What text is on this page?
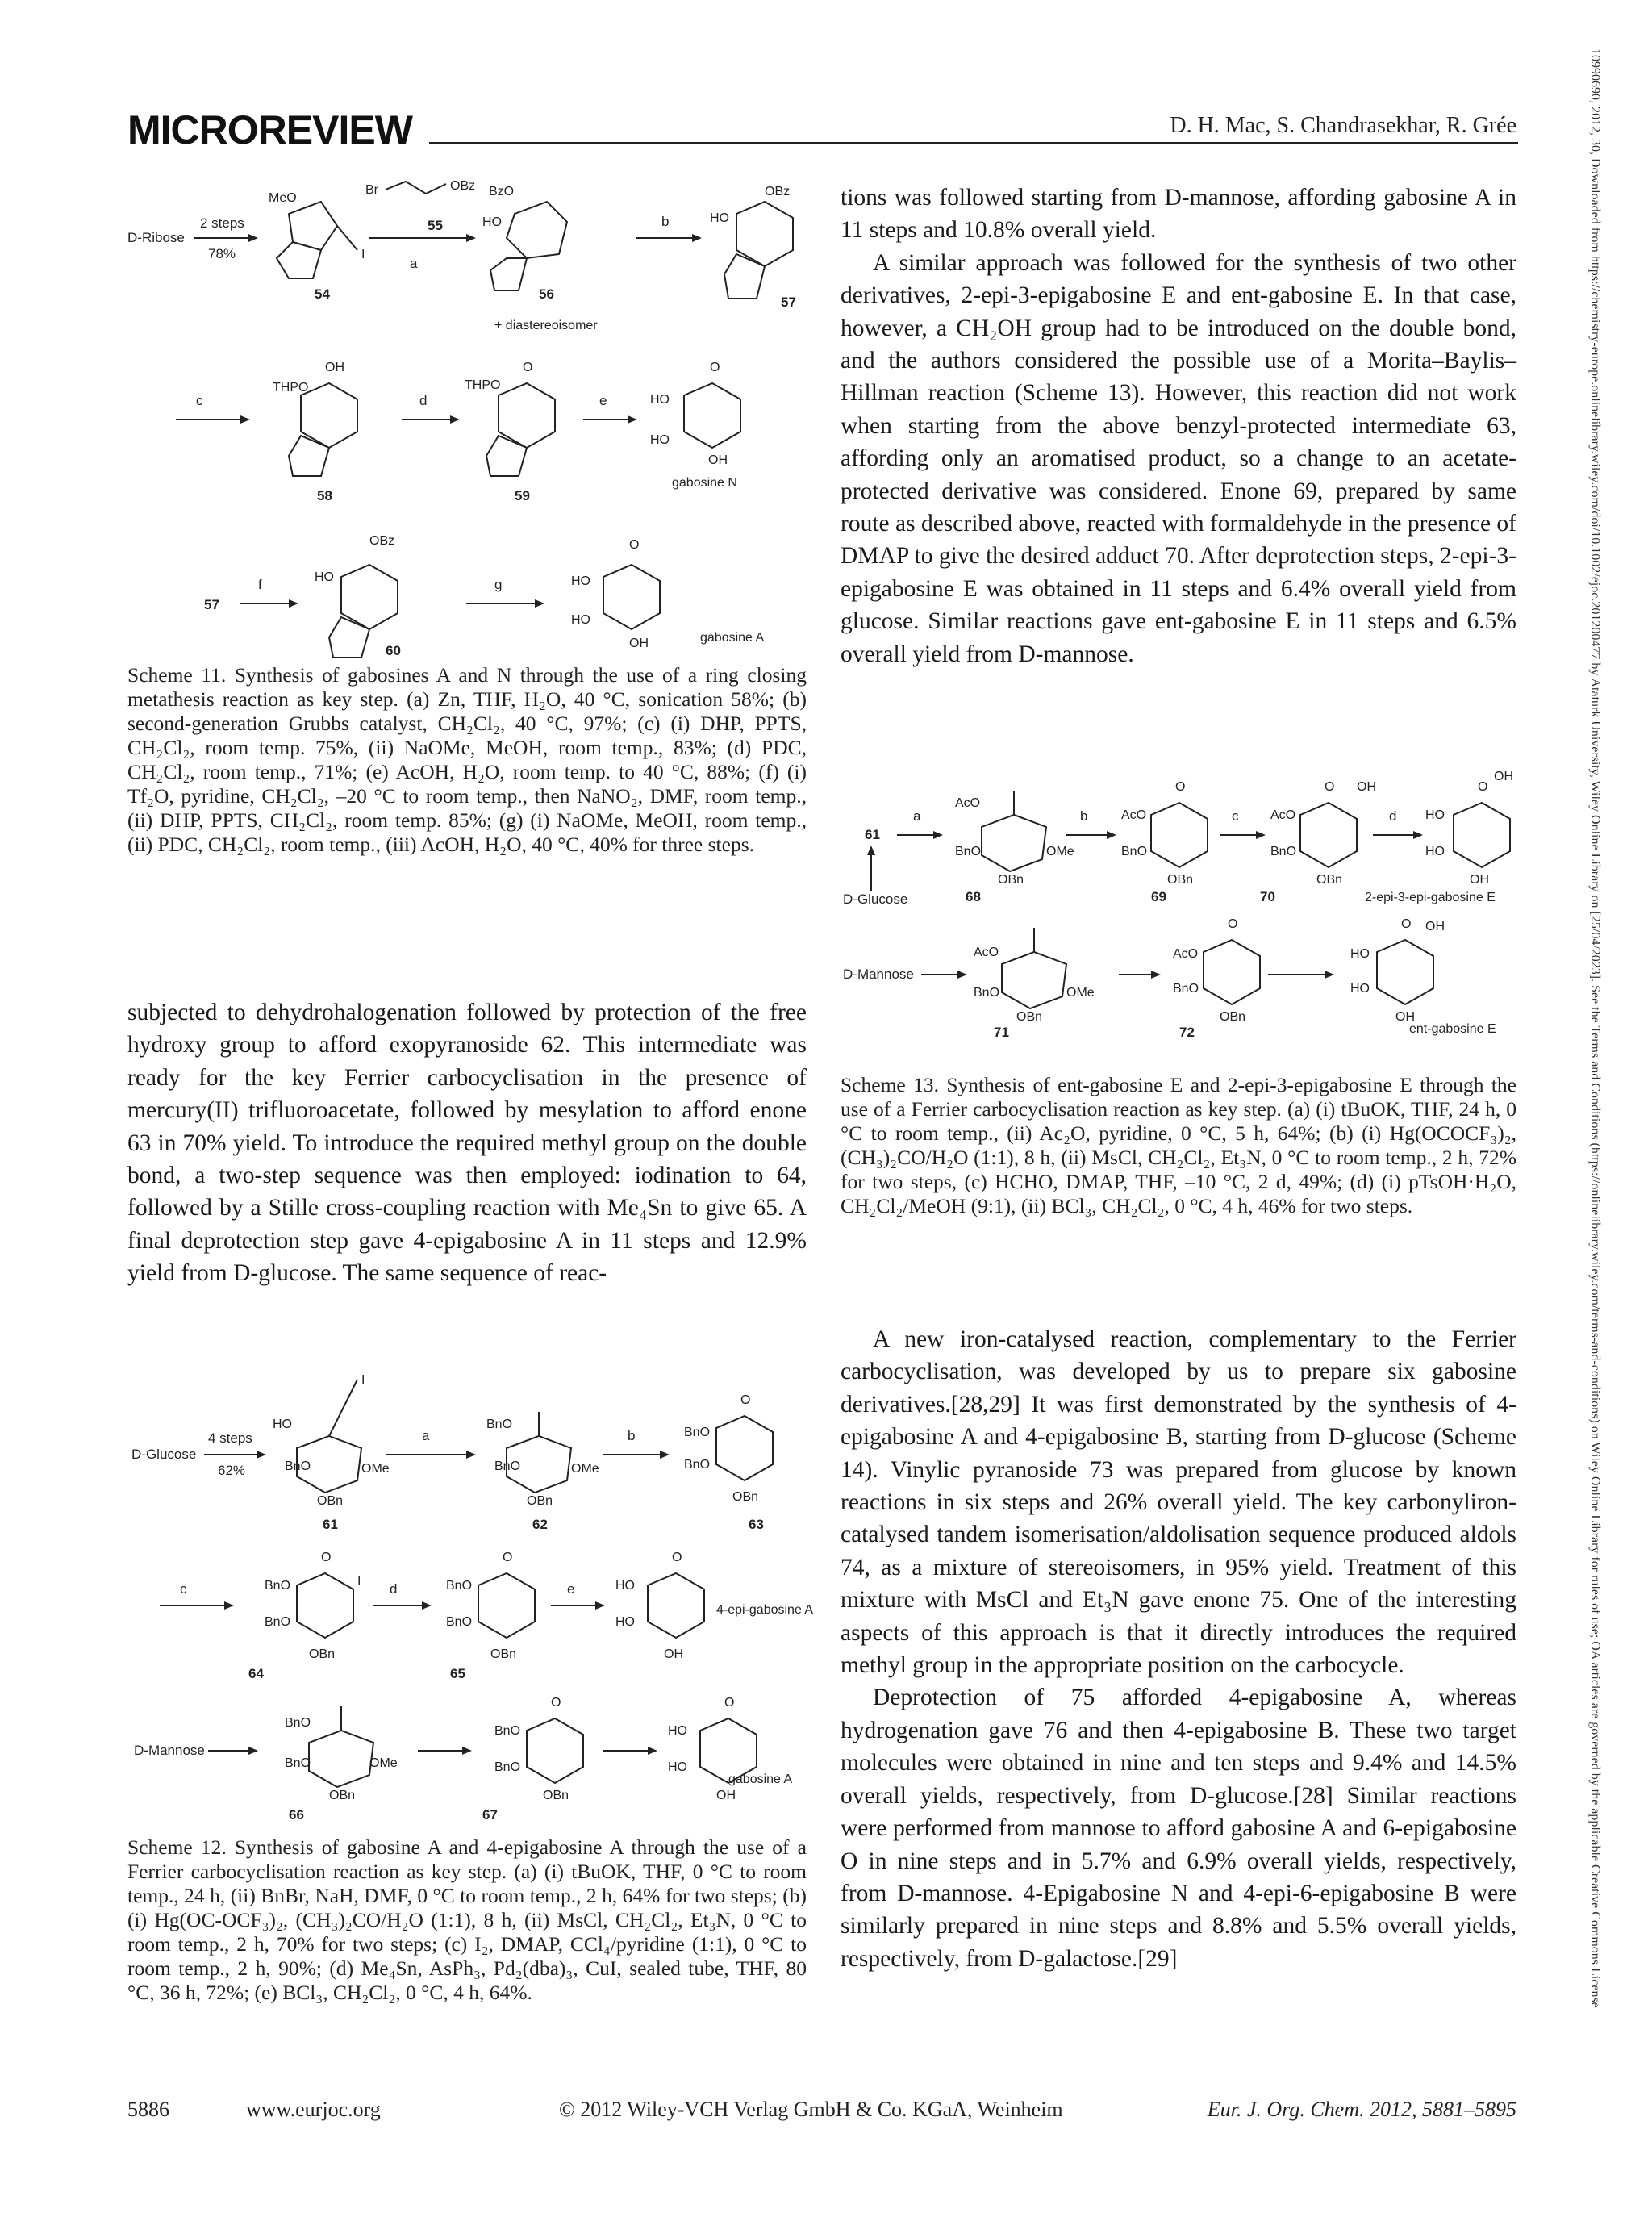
MICROREVIEW	D. H. Mac, S. Chandrasekhar, R. Grée	10990690, 2012, 30, Downloaded from https://chemistry-europe.onlinelibrary.wiley.com/doi/10.1002/ejoc.201200477 by Ataturk University, Wiley Online Library on [25/04/2023]. See the Terms and Conditions (https://onlinelibrary.wiley.com/terms-and-conditions) on Wiley Online Library for rules of use; OA articles are governed by the applicable Creative Commons License
D-Ribose
2 steps
78%
MeO
I
54
Br	OBz
55
a
BzO
HO
56
+ diastereoisomer
b
OBz
HO
57
c
OH
THPO
58
d
O
THPO
59
e
O
HO
HO
OH
gabosine N
57
f
OBz
HO
60
g
O
HO
HO
OH	gabosine A

Scheme 11. Synthesis of gabosines A and N through the use of a ring closing metathesis reaction as key step. (a) Zn, THF, H₂O, 40 °C, sonication 58%; (b) second-generation Grubbs catalyst, CH₂Cl₂, 40 °C, 97%; (c) (i) DHP, PPTS, CH₂Cl₂, room temp. 75%, (ii) NaOMe, MeOH, room temp., 83%; (d) PDC, CH₂Cl₂, room temp., 71%; (e) AcOH, H₂O, room temp. to 40 °C, 88%; (f) (i) Tf₂O, pyridine, CH₂Cl₂, –20 °C to room temp., then NaNO₂, DMF, room temp., (ii) DHP, PPTS, CH₂Cl₂, room temp. 85%; (g) (i) NaOMe, MeOH, room temp., (ii) PDC, CH₂Cl₂, room temp., (iii) AcOH, H₂O, 40 °C, 40% for three steps.

subjected to dehydrohalogenation followed by protection of the free hydroxy group to afford exopyranoside 62. This intermediate was ready for the key Ferrier carbocyclisation in the presence of mercury(II) trifluoroacetate, followed by mesylation to afford enone 63 in 70% yield. To introduce the required methyl group on the double bond, a two-step sequence was then employed: iodination to 64, followed by a Stille cross-coupling reaction with Me₄Sn to give 65. A final deprotection step gave 4-epigabosine A in 11 steps and 12.9% yield from D-glucose. The same sequence of reac-

D-Glucose
4 steps
62%
I
HO
BnO	OMe
OBn
61
a
BnO
BnO	OMe
OBn
62
b
O
BnO
BnO
OBn
63
c
O
BnO
BnO
I
OBn
64
d
O
BnO
BnO
OBn
65
e
O
HO
HO
OH
4-epi-gabosine A
D-Mannose
BnO
BnO	OMe
OBn
66
O
BnO
BnO
OBn
67
O
HO
HO
OH
gabosine A

Scheme 12. Synthesis of gabosine A and 4-epigabosine A through the use of a Ferrier carbocyclisation reaction as key step. (a) (i) tBuOK, THF, 0 °C to room temp., 24 h, (ii) BnBr, NaH, DMF, 0 °C to room temp., 2 h, 64% for two steps; (b) (i) Hg(OC-OCF₃)₂, (CH₃)₂CO/H₂O (1:1), 8 h, (ii) MsCl, CH₂Cl₂, Et₃N, 0 °C to room temp., 2 h, 70% for two steps; (c) I₂, DMAP, CCl₄/pyridine (1:1), 0 °C to room temp., 2 h, 90%; (d) Me₄Sn, AsPh₃, Pd₂(dba)₃, CuI, sealed tube, THF, 80 °C, 36 h, 72%; (e) BCl₃, CH₂Cl₂, 0 °C, 4 h, 64%.

tions was followed starting from D-mannose, affording gabosine A in 11 steps and 10.8% overall yield.

A similar approach was followed for the synthesis of two other derivatives, 2-epi-3-epigabosine E and ent-gabosine E. In that case, however, a CH₂OH group had to be introduced on the double bond, and the authors considered the possible use of a Morita–Baylis–Hillman reaction (Scheme 13). However, this reaction did not work when starting from the above benzyl-protected intermediate 63, affording only an aromatised product, so a change to an acetate-protected derivative was considered. Enone 69, prepared by same route as described above, reacted with formaldehyde in the presence of DMAP to give the desired adduct 70. After deprotection steps, 2-epi-3-epigabosine E was obtained in 11 steps and 6.4% overall yield from glucose. Similar reactions gave ent-gabosine E in 11 steps and 6.5% overall yield from D-mannose.

61
a
D-Glucose
AcO
BnO	OMe
OBn
68
b
O
AcO
BnO
OBn
69
c
O OH
AcO
BnO
OBn
70
d
O
OH
HO
HO
OH
2-epi-3-epi-gabosine E
D-Mannose
AcO
BnO	OMe
OBn
71
O
AcO
BnO
OBn
72
O OH
HO
HO
OH
ent-gabosine E

Scheme 13. Synthesis of ent-gabosine E and 2-epi-3-epigabosine E through the use of a Ferrier carbocyclisation reaction as key step. (a) (i) tBuOK, THF, 24 h, 0 °C to room temp., (ii) Ac₂O, pyridine, 0 °C, 5 h, 64%; (b) (i) Hg(OCOCF₃)₂, (CH₃)₂CO/H₂O (1:1), 8 h, (ii) MsCl, CH₂Cl₂, Et₃N, 0 °C to room temp., 2 h, 72% for two steps, (c) HCHO, DMAP, THF, –10 °C, 2 d, 49%; (d) (i) pTsOH·H₂O, CH₂Cl₂/MeOH (9:1), (ii) BCl₃, CH₂Cl₂, 0 °C, 4 h, 46% for two steps.

A new iron-catalysed reaction, complementary to the Ferrier carbocyclisation, was developed by us to prepare six gabosine derivatives.[28,29] It was first demonstrated by the synthesis of 4-epigabosine A and 4-epigabosine B, starting from D-glucose (Scheme 14). Vinylic pyranoside 73 was prepared from glucose by known reactions in six steps and 26% overall yield. The key carbonyliron-catalysed tandem isomerisation/aldolisation sequence produced aldols 74, as a mixture of stereoisomers, in 95% yield. Treatment of this mixture with MsCl and Et₃N gave enone 75. One of the interesting aspects of this approach is that it directly introduces the required methyl group in the appropriate position on the carbocycle.

Deprotection of 75 afforded 4-epigabosine A, whereas hydrogenation gave 76 and then 4-epigabosine B. These two target molecules were obtained in nine and ten steps and 9.4% and 14.5% overall yields, respectively, from D-glucose.[28] Similar reactions were performed from mannose to afford gabosine A and 6-epigabosine O in nine steps and in 5.7% and 6.9% overall yields, respectively, from D-mannose. 4-Epigabosine N and 4-epi-6-epigabosine B were similarly prepared in nine steps and 8.8% and 5.5% overall yields, respectively, from D-galactose.[29]

5886	www.eurjoc.org	© 2012 Wiley-VCH Verlag GmbH & Co. KGaA, Weinheim	Eur. J. Org. Chem. 2012, 5881–5895
